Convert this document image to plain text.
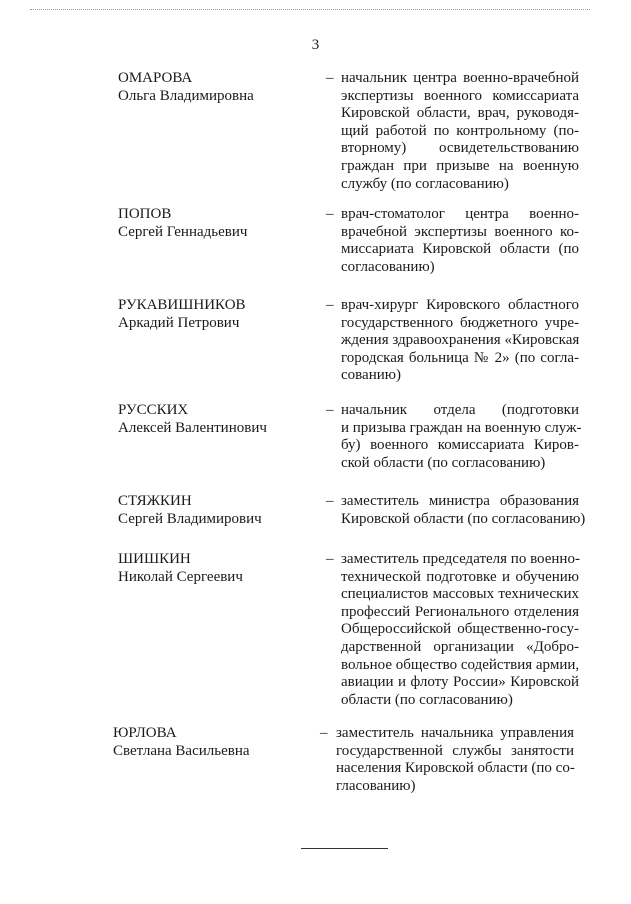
3
ОМАРОВА
Ольга Владимировна
– начальник центра военно-врачебной
экспертизы военного комиссариата
Кировской области, врач, руководя-
щий работой по контрольному (по-
вторному) освидетельствованию
граждан при призыве на военную
службу (по согласованию)
ПОПОВ
Сергей Геннадьевич
– врач-стоматолог центра военно-
врачебной экспертизы военного ко-
миссариата Кировской области (по
согласованию)
РУКАВИШНИКОВ
Аркадий Петрович
– врач-хирург Кировского областного
государственного бюджетного учре-
ждения здравоохранения «Кировская
городская больница № 2» (по согла-
сованию)
РУССКИХ
Алексей Валентинович
– начальник отдела (подготовки
и призыва граждан на военную служ-
бу) военного комиссариата Киров-
ской области (по согласованию)
СТЯЖКИН
Сергей Владимирович
– заместитель министра образования
Кировской области (по согласованию)
ШИШКИН
Николай Сергеевич
– заместитель председателя по военно-
технической подготовке и обучению
специалистов массовых технических
профессий Регионального отделения
Общероссийской общественно-госу-
дарственной организации «Добро-
вольное общество содействия армии,
авиации и флоту России» Кировской
области (по согласованию)
ЮРЛОВА
Светлана Васильевна
– заместитель начальника управления
государственной службы занятости
населения Кировской области (по со-
гласованию)
